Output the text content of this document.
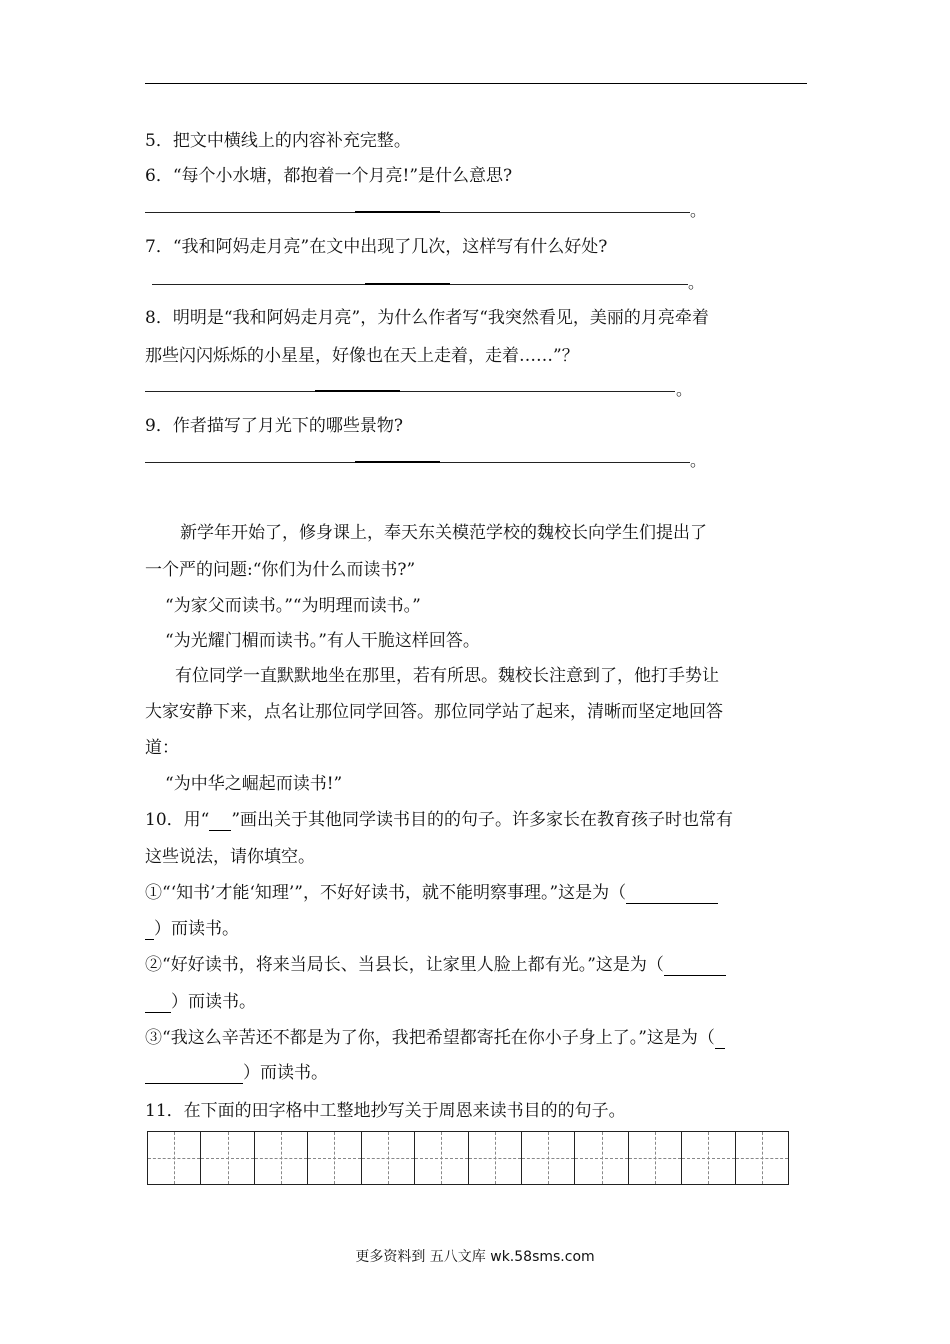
5．把文中横线上的内容补充完整。
6．“每个小水塘，都抱着一个月亮!”是什么意思?
。
7．“我和阿妈走月亮”在文中出现了几次，这样写有什么好处?
。
8．明明是“我和阿妈走月亮”，为什么作者写“我突然看见，美丽的月亮牵着
那些闪闪烁烁的小星星，好像也在天上走着，走着……”？
。
9．作者描写了月光下的哪些景物?
。
新学年开始了，修身课上，奉天东关模范学校的魏校长向学生们提出了
一个严的问题:“你们为什么而读书?”
“为家父而读书。”“为明理而读书。”
“为光耀门楣而读书。”有人干脆这样回答。
有位同学一直默默地坐在那里，若有所思。魏校长注意到了，他打手势让
大家安静下来，点名让那位同学回答。那位同学站了起来，清晰而坚定地回答
道：
“为中华之崛起而读书!”
10．用“ ”画出关于其他同学读书目的的句子。许多家长在教育孩子时也常有
这些说法，请你填空。
①“‘知书’才能‘知理’”，不好好读书，就不能明察事理。”这是为（
）而读书。
②“好好读书，将来当局长、当县长，让家里人脸上都有光。”这是为（
）而读书。
③“我这么辛苦还不都是为了你，我把希望都寄托在你小子身上了。”这是为（
）而读书。
11．在下面的田字格中工整地抄写关于周恩来读书目的的句子。
更多资料到 五八文库 wk.58sms.com
